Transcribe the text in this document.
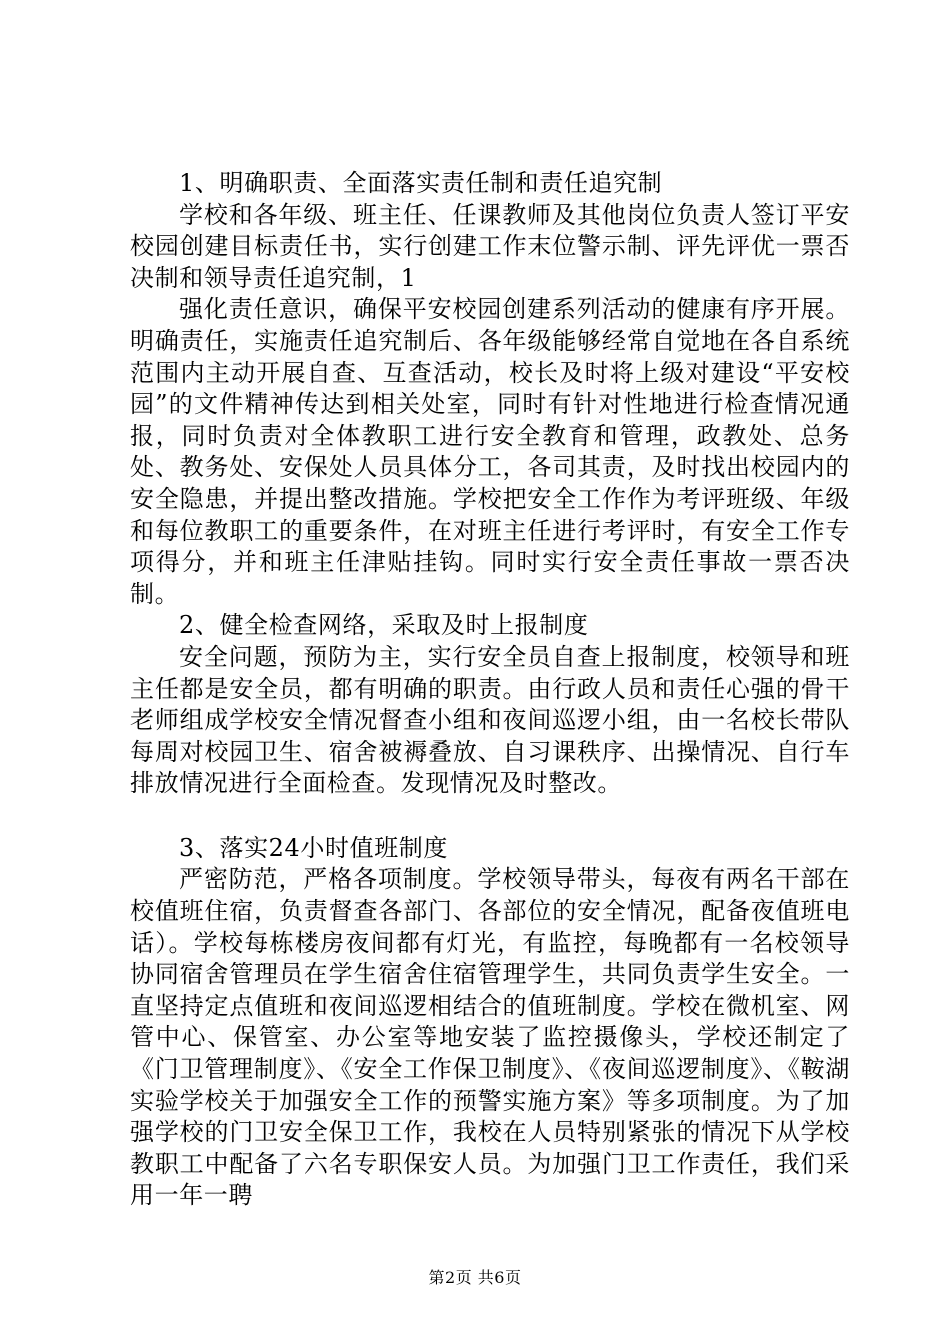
1、明确职责、全面落实责任制和责任追究制

学校和各年级、班主任、任课教师及其他岗位负责人签订平安校园创建目标责任书，实行创建工作末位警示制、评先评优一票否决制和领导责任追究制，1

强化责任意识，确保平安校园创建系列活动的健康有序开展。明确责任，实施责任追究制后、各年级能够经常自觉地在各自系统范围内主动开展自查、互查活动，校长及时将上级对建设“平安校园”的文件精神传达到相关处室，同时有针对性地进行检查情况通报，同时负责对全体教职工进行安全教育和管理，政教处、总务处、教务处、安保处人员具体分工，各司其责，及时找出校园内的安全隐患，并提出整改措施。学校把安全工作作为考评班级、年级和每位教职工的重要条件，在对班主任进行考评时，有安全工作专项得分，并和班主任津贴挂钩。同时实行安全责任事故一票否决制。

2、健全检查网络，采取及时上报制度

安全问题，预防为主，实行安全员自查上报制度，校领导和班主任都是安全员，都有明确的职责。由行政人员和责任心强的骨干老师组成学校安全情况督查小组和夜间巡逻小组，由一名校长带队每周对校园卫生、宿舍被褥叠放、自习课秩序、出操情况、自行车排放情况进行全面检查。发现情况及时整改。

3、落实24小时值班制度

严密防范，严格各项制度。学校领导带头，每夜有两名干部在校值班住宿，负责督查各部门、各部位的安全情况，配备夜值班电话）。学校每栋楼房夜间都有灯光，有监控，每晚都有一名校领导协同宿舍管理员在学生宿舍住宿管理学生，共同负责学生安全。一直坚持定点值班和夜间巡逻相结合的值班制度。学校在微机室、网管中心、保管室、办公室等地安装了监控摄像头，学校还制定了《门卫管理制度》、《安全工作保卫制度》、《夜间巡逻制度》、《鞍湖实验学校关于加强安全工作的预警实施方案》等多项制度。为了加强学校的门卫安全保卫工作，我校在人员特别紧张的情况下从学校教职工中配备了六名专职保安人员。为加强门卫工作责任，我们采用一年一聘

第2页 共6页
